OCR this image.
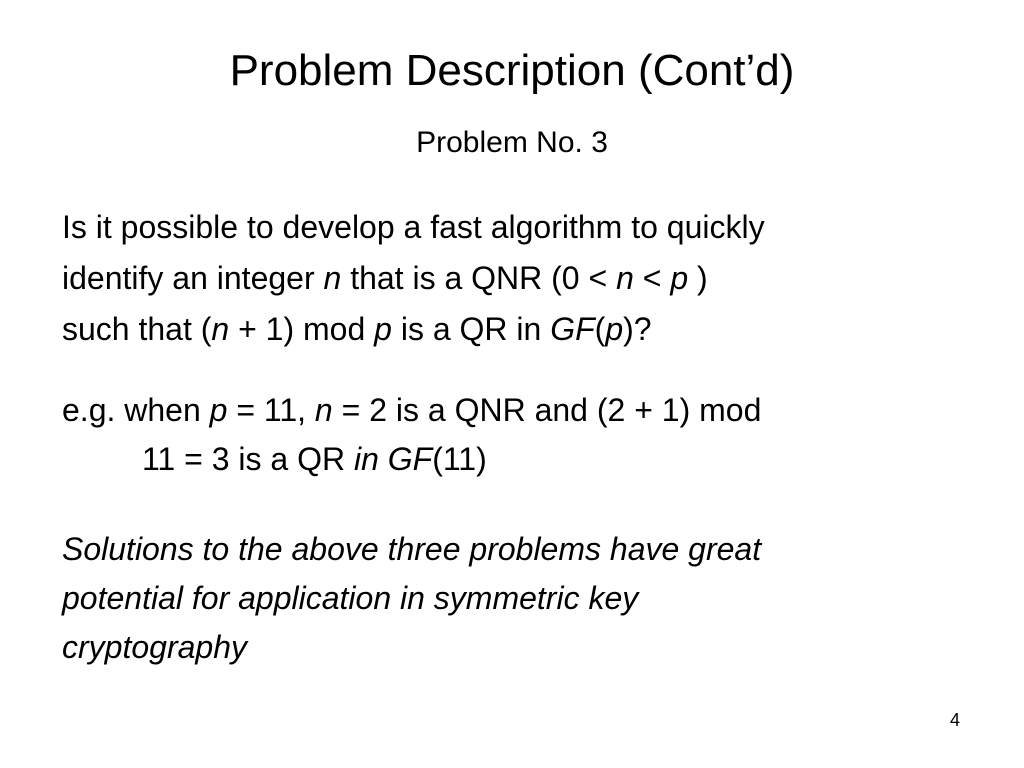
Problem Description (Cont’d)
Problem No. 3
Is it possible to develop a fast algorithm to quickly
identify an integer n that is a QNR (0 < n < p )
such that (n + 1) mod p is a QR in GF(p)?
e.g. when p = 11, n = 2 is a QNR and (2 + 1) mod
11 = 3 is a QR in GF(11)
Solutions to the above three problems have great
potential for application in symmetric key
cryptography
4
